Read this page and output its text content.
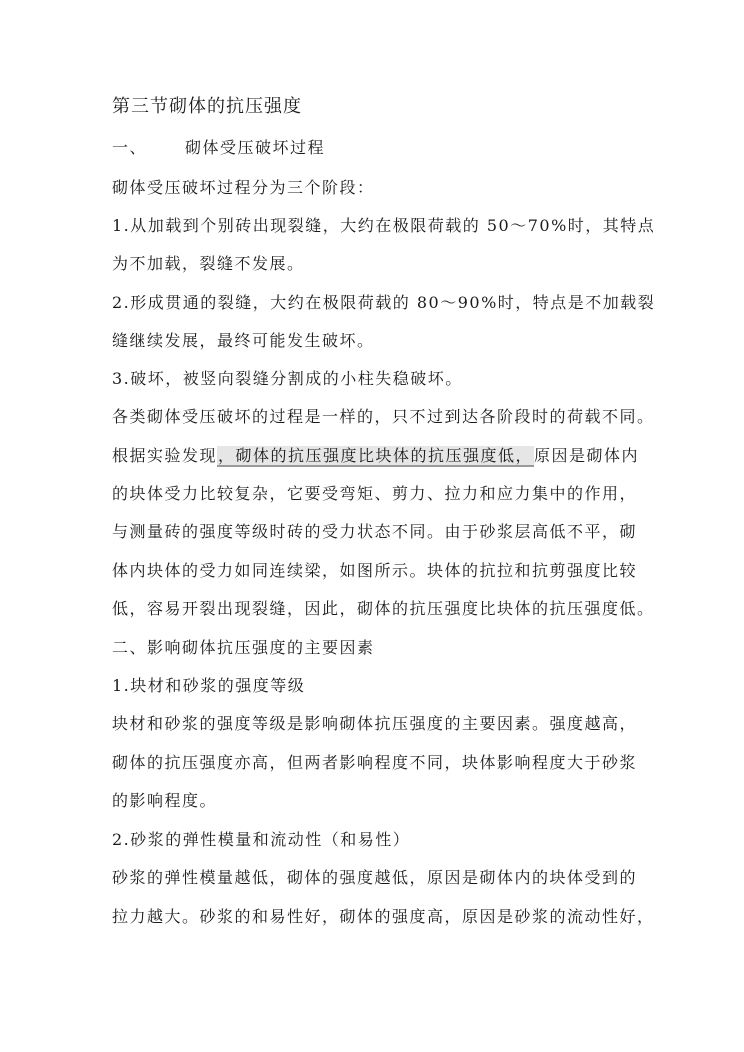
第三节砌体的抗压强度
一、 砌体受压破坏过程
砌体受压破坏过程分为三个阶段：
1.从加载到个别砖出现裂缝，大约在极限荷载的 50～70%时，其特点
为不加载，裂缝不发展。
2.形成贯通的裂缝，大约在极限荷载的 80～90%时，特点是不加载裂
缝继续发展，最终可能发生破坏。
3.破坏，被竖向裂缝分割成的小柱失稳破坏。
各类砌体受压破坏的过程是一样的，只不过到达各阶段时的荷载不同。
根据实验发现，砌体的抗压强度比块体的抗压强度低，原因是砌体内
的块体受力比较复杂，它要受弯矩、剪力、拉力和应力集中的作用，
与测量砖的强度等级时砖的受力状态不同。由于砂浆层高低不平，砌
体内块体的受力如同连续梁，如图所示。块体的抗拉和抗剪强度比较
低，容易开裂出现裂缝，因此，砌体的抗压强度比块体的抗压强度低。
二、影响砌体抗压强度的主要因素
1.块材和砂浆的强度等级
块材和砂浆的强度等级是影响砌体抗压强度的主要因素。强度越高，
砌体的抗压强度亦高，但两者影响程度不同，块体影响程度大于砂浆
的影响程度。
2.砂浆的弹性模量和流动性（和易性）
砂浆的弹性模量越低，砌体的强度越低，原因是砌体内的块体受到的
拉力越大。砂浆的和易性好，砌体的强度高，原因是砂浆的流动性好，
